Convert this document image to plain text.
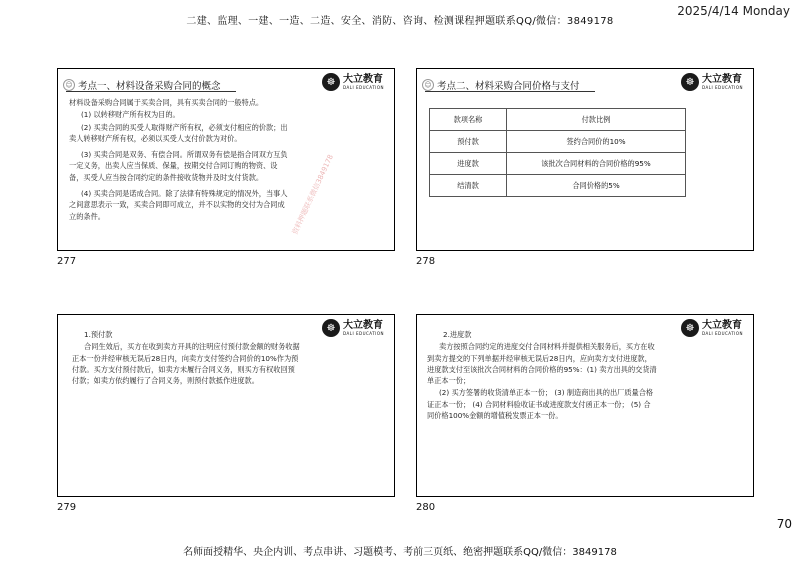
二建、监理、一建、一造、二造、安全、消防、咨询、检测课程押题联系QQ/微信：3849178
2025/4/14 Monday
☺ 考点一、材料设备采购合同的概念	☸ 大立教育
DALI EDUCATION

材料设备采购合同属于买卖合同，具有买卖合同的一般特点。

(1) 以转移财产所有权为目的。

(2) 买卖合同的买受人取得财产所有权，必须支付相应的价款；出卖人转移财产所有权，必须以买受人支付价款为对价。

(3) 买卖合同是双务、有偿合同。所谓双务有偿是指合同双方互负一定义务，出卖人应当保质、保量，按期交付合同订购的物资、设备，买受人应当按合同约定的条件接收货物并及时支付货款。

(4) 买卖合同是诺成合同。除了法律有特殊规定的情况外，当事人之间意思表示一致，买卖合同即可成立，并不以实物的交付为合同成立的条件。	资料押题联系微信3849178
277
☺ 考点二、材料采购合同价格与支付	☸ 大立教育
DALI EDUCATION
款项名称	付款比例
预付款	签约合同价的10%
进度款	该批次合同材料的合同价格的95%
结清款	合同价格的5%
278
☸ 大立教育
DALI EDUCATION

1.预付款

合同生效后，买方在收到卖方开具的注明应付预付款金额的财务收据正本一份并经审核无误后28日内，向卖方支付签约合同价的10%作为预付款。买方支付预付款后，如卖方未履行合同义务，则买方有权收回预付款；如卖方依约履行了合同义务，则预付款抵作进度款。

279
☸ 大立教育
DALI EDUCATION

2.进度款

卖方按照合同约定的进度交付合同材料并提供相关服务后，买方在收到卖方提交的下列单据并经审核无误后28日内，应向卖方支付进度款，进度款支付至该批次合同材料的合同价格的95%：(1) 卖方出具的交货清单正本一份；

(2) 买方签署的收货清单正本一份； (3) 制造商出具的出厂质量合格证正本一份； (4) 合同材料验收证书或进度款支付函正本一份； (5) 合同价格100%金额的增值税发票正本一份。

280
70
名师面授精华、央企内训、考点串讲、习题模考、考前三页纸、绝密押题联系QQ/微信：3849178
